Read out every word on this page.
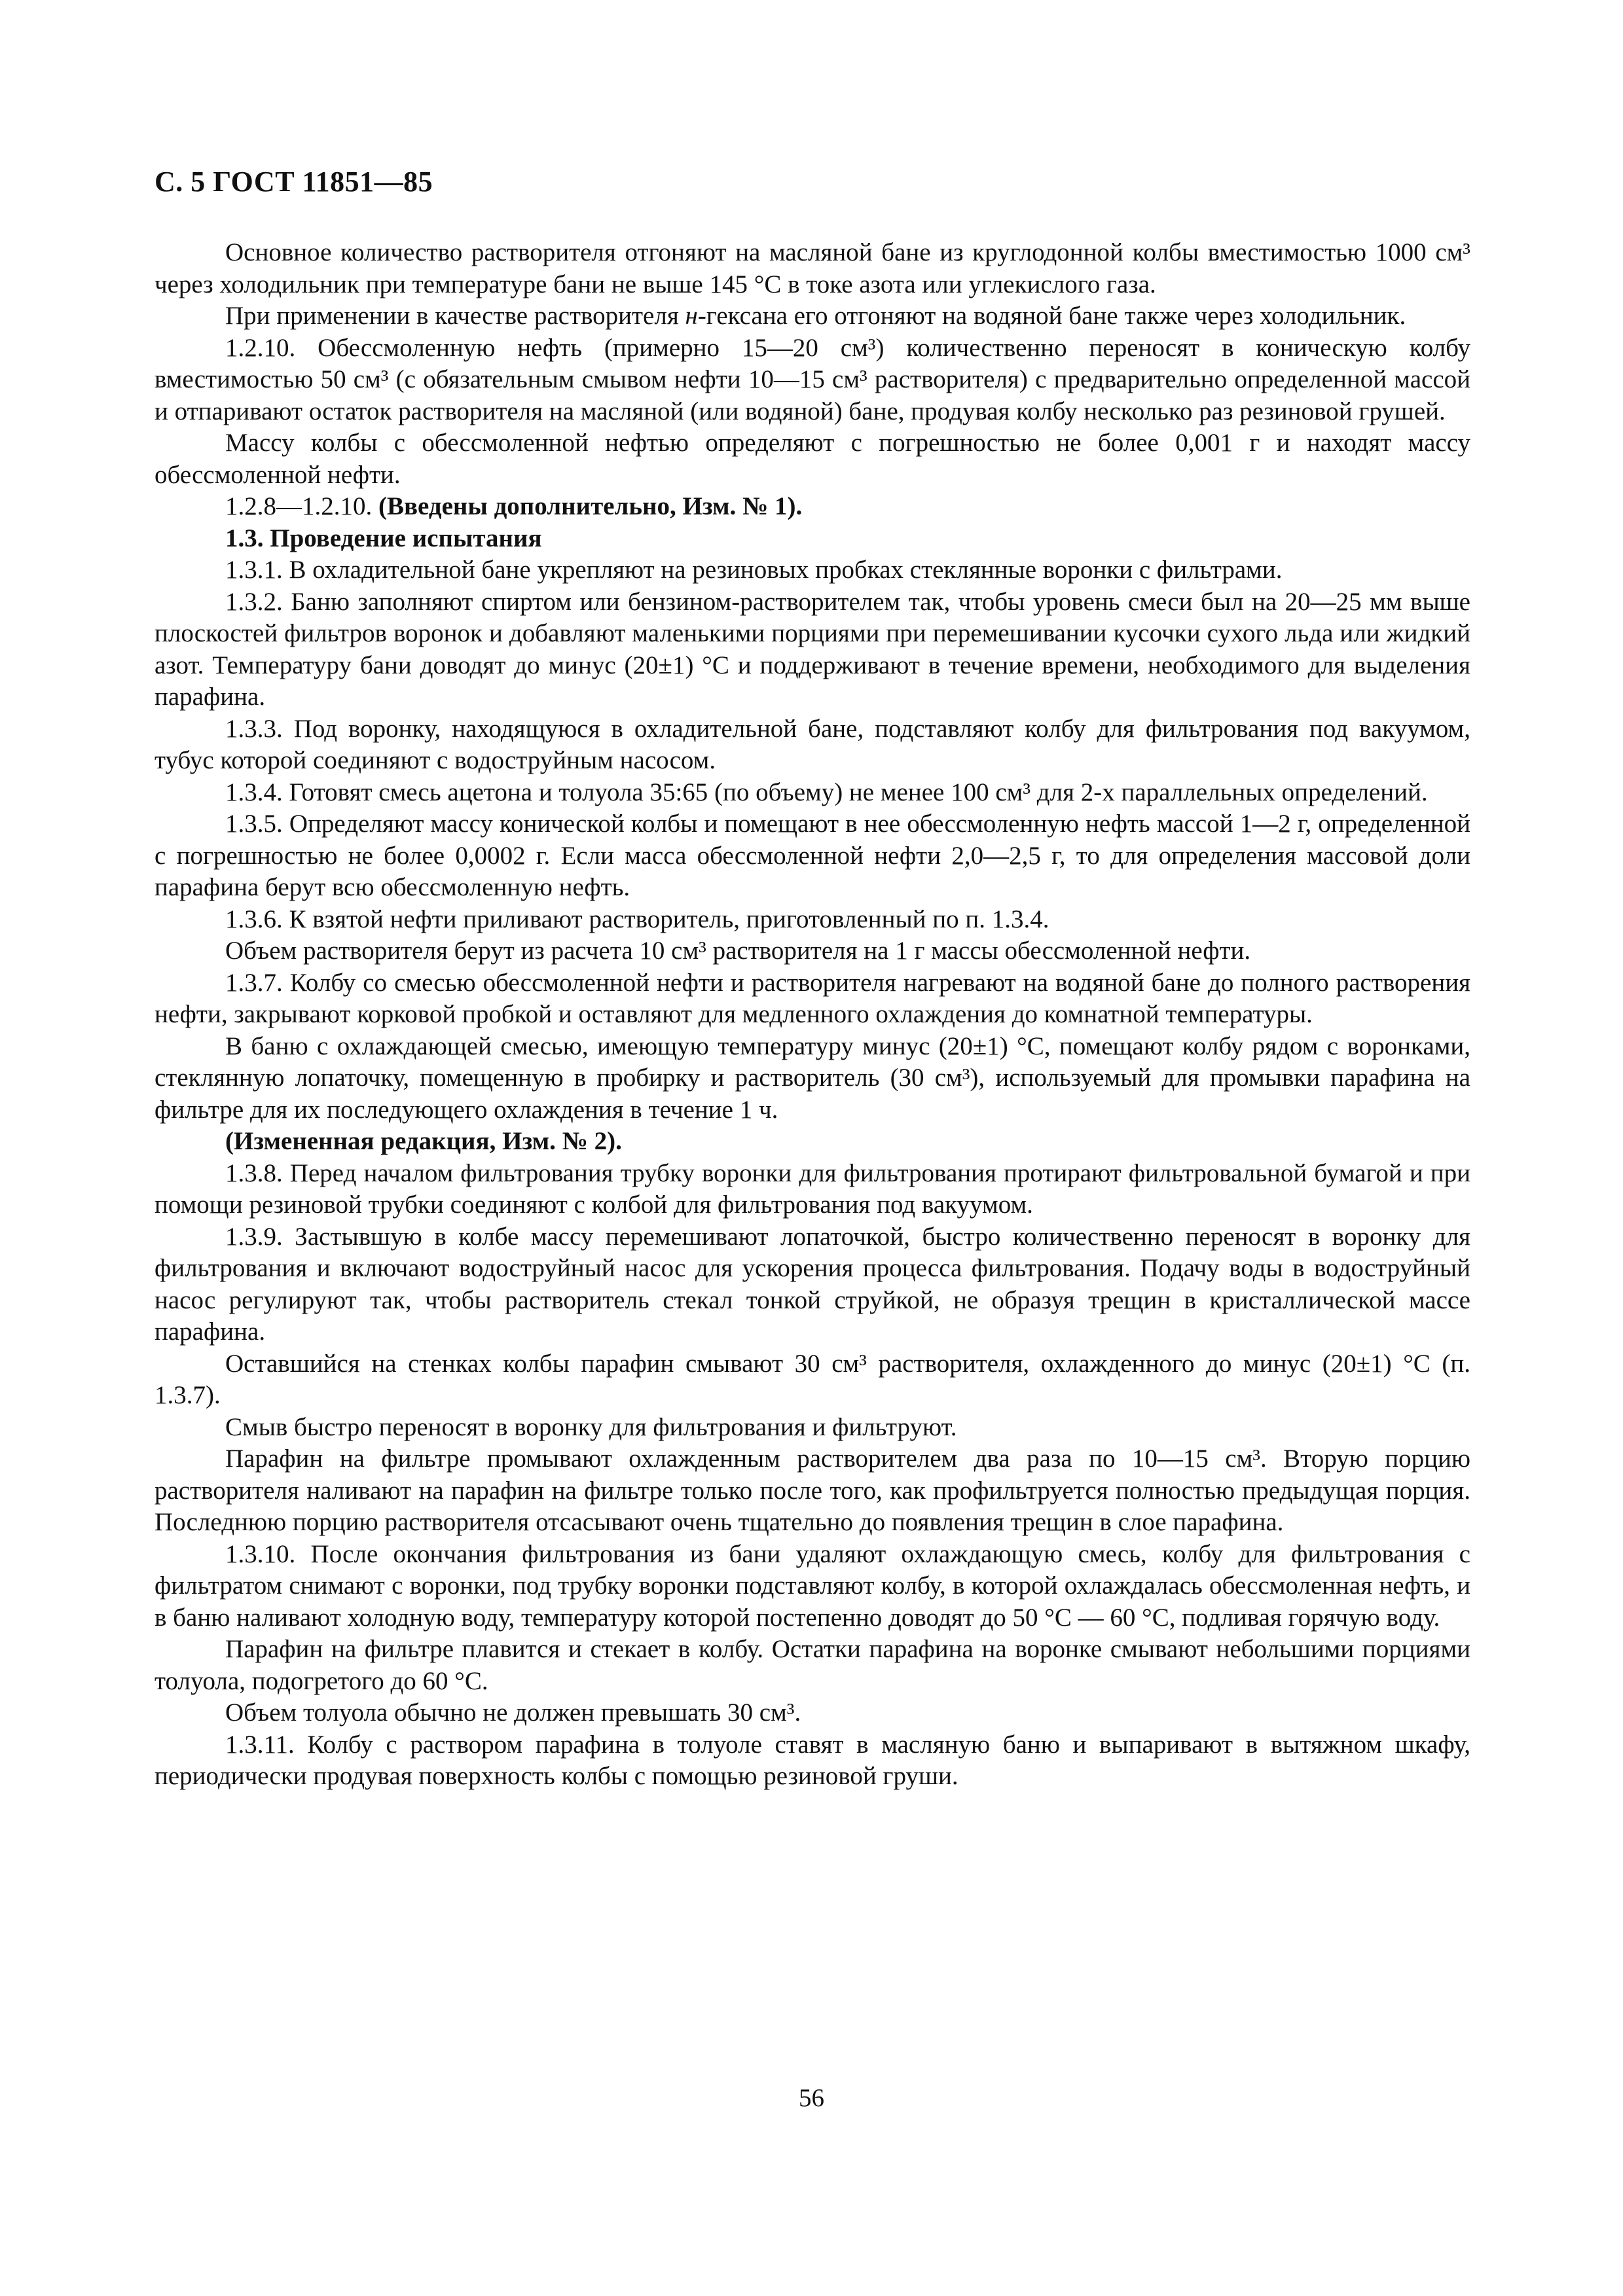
С. 5 ГОСТ 11851—85

Основное количество растворителя отгоняют на масляной бане из круглодонной колбы вместимостью 1000 см³ через холодильник при температуре бани не выше 145 °С в токе азота или углекислого газа.

При применении в качестве растворителя н-гексана его отгоняют на водяной бане также через холодильник.

1.2.10. Обессмоленную нефть (примерно 15—20 см³) количественно переносят в коническую колбу вместимостью 50 см³ (с обязательным смывом нефти 10—15 см³ растворителя) с предварительно определенной массой и отпаривают остаток растворителя на масляной (или водяной) бане, продувая колбу несколько раз резиновой грушей.

Массу колбы с обессмоленной нефтью определяют с погрешностью не более 0,001 г и находят массу обессмоленной нефти.

1.2.8—1.2.10. (Введены дополнительно, Изм. № 1).

1.3. Проведение испытания

1.3.1. В охладительной бане укрепляют на резиновых пробках стеклянные воронки с фильтрами.

1.3.2. Баню заполняют спиртом или бензином-растворителем так, чтобы уровень смеси был на 20—25 мм выше плоскостей фильтров воронок и добавляют маленькими порциями при перемешивании кусочки сухого льда или жидкий азот. Температуру бани доводят до минус (20±1) °С и поддерживают в течение времени, необходимого для выделения парафина.

1.3.3. Под воронку, находящуюся в охладительной бане, подставляют колбу для фильтрования под вакуумом, тубус которой соединяют с водоструйным насосом.

1.3.4. Готовят смесь ацетона и толуола 35:65 (по объему) не менее 100 см³ для 2-х параллельных определений.

1.3.5. Определяют массу конической колбы и помещают в нее обессмоленную нефть массой 1—2 г, определенной с погрешностью не более 0,0002 г. Если масса обессмоленной нефти 2,0—2,5 г, то для определения массовой доли парафина берут всю обессмоленную нефть.

1.3.6. К взятой нефти приливают растворитель, приготовленный по п. 1.3.4.

Объем растворителя берут из расчета 10 см³ растворителя на 1 г массы обессмоленной нефти.

1.3.7. Колбу со смесью обессмоленной нефти и растворителя нагревают на водяной бане до полного растворения нефти, закрывают корковой пробкой и оставляют для медленного охлаждения до комнатной температуры.

В баню с охлаждающей смесью, имеющую температуру минус (20±1) °С, помещают колбу рядом с воронками, стеклянную лопаточку, помещенную в пробирку и растворитель (30 см³), используемый для промывки парафина на фильтре для их последующего охлаждения в течение 1 ч.

(Измененная редакция, Изм. № 2).

1.3.8. Перед началом фильтрования трубку воронки для фильтрования протирают фильтровальной бумагой и при помощи резиновой трубки соединяют с колбой для фильтрования под вакуумом.

1.3.9. Застывшую в колбе массу перемешивают лопаточкой, быстро количественно переносят в воронку для фильтрования и включают водоструйный насос для ускорения процесса фильтрования. Подачу воды в водоструйный насос регулируют так, чтобы растворитель стекал тонкой струйкой, не образуя трещин в кристаллической массе парафина.

Оставшийся на стенках колбы парафин смывают 30 см³ растворителя, охлажденного до минус (20±1) °С (п. 1.3.7).

Смыв быстро переносят в воронку для фильтрования и фильтруют.

Парафин на фильтре промывают охлажденным растворителем два раза по 10—15 см³. Вторую порцию растворителя наливают на парафин на фильтре только после того, как профильтруется полностью предыдущая порция. Последнюю порцию растворителя отсасывают очень тщательно до появления трещин в слое парафина.

1.3.10. После окончания фильтрования из бани удаляют охлаждающую смесь, колбу для фильтрования с фильтратом снимают с воронки, под трубку воронки подставляют колбу, в которой охлаждалась обессмоленная нефть, и в баню наливают холодную воду, температуру которой постепенно доводят до 50 °С — 60 °С, подливая горячую воду.

Парафин на фильтре плавится и стекает в колбу. Остатки парафина на воронке смывают небольшими порциями толуола, подогретого до 60 °С.

Объем толуола обычно не должен превышать 30 см³.

1.3.11. Колбу с раствором парафина в толуоле ставят в масляную баню и выпаривают в вытяжном шкафу, периодически продувая поверхность колбы с помощью резиновой груши.

56
